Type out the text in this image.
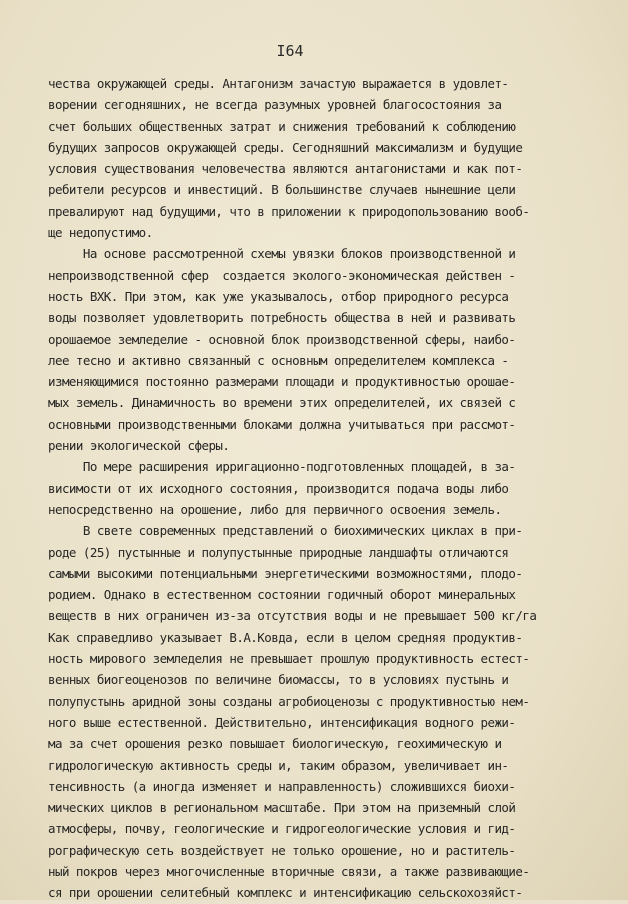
I64
чества окружающей среды. Антагонизм зачастую выражается в удовлет-
ворении сегодняшних, не всегда разумных уровней благосостояния за
счет больших общественных затрат и снижения требований к соблюдению
будущих запросов окружающей среды. Сегодняшний максимализм и будущие
условия существования человечества являются антагонистами и как пот-
ребители ресурсов и инвестиций. В большинстве случаев нынешние цели
превалируют над будущими, что в приложении к природопользованию вооб-
ще недопустимо.
На основе рассмотренной схемы увязки блоков производственной и
непроизводственной сфер  создается эколого-экономическая действен -
ность ВХК. При этом, как уже указывалось, отбор природного ресурса
воды позволяет удовлетворить потребность общества в ней и развивать
орошаемое земледелие - основной блок производственной сферы, наибо-
лее тесно и активно связанный с основным определителем комплекса -
изменяющимися постоянно размерами площади и продуктивностью орошае-
мых земель. Динамичность во времени этих определителей, их связей с
основными производственными блоками должна учитываться при рассмот-
рении экологической сферы.
По мере расширения ирригационно-подготовленных площадей, в за-
висимости от их исходного состояния, производится подача воды либо
непосредственно на орошение, либо для первичного освоения земель.
В свете современных представлений о биохимических циклах в при-
роде (25) пустынные и полупустынные природные ландшафты отличаются
самыми высокими потенциальными энергетическими возможностями, плодо-
родием. Однако в естественном состоянии годичный оборот минеральных
веществ в них ограничен из-за отсутствия воды и не превышает 500 кг/га
Как справедливо указывает В.А.Ковда, если в целом средняя продуктив-
ность мирового земледелия не превышает прошлую продуктивность естест-
венных биогеоценозов по величине биомассы, то в условиях пустынь и
полупустынь аридной зоны созданы агробиоценозы с продуктивностью нем-
ного выше естественной. Действительно, интенсификация водного режи-
ма за счет орошения резко повышает биологическую, геохимическую и
гидрологическую активность среды и, таким образом, увеличивает ин-
тенсивность (а иногда изменяет и направленность) сложившихся биохи-
мических циклов в региональном масштабе. При этом на приземный слой
атмосферы, почву, геологические и гидрогеологические условия и гид-
рографическую сеть воздействует не только орошение, но и раститель-
ный покров через многочисленные вторичные связи, а также развивающие-
ся при орошении селитебный комплекс и интенсификацию сельскохозяйст-
